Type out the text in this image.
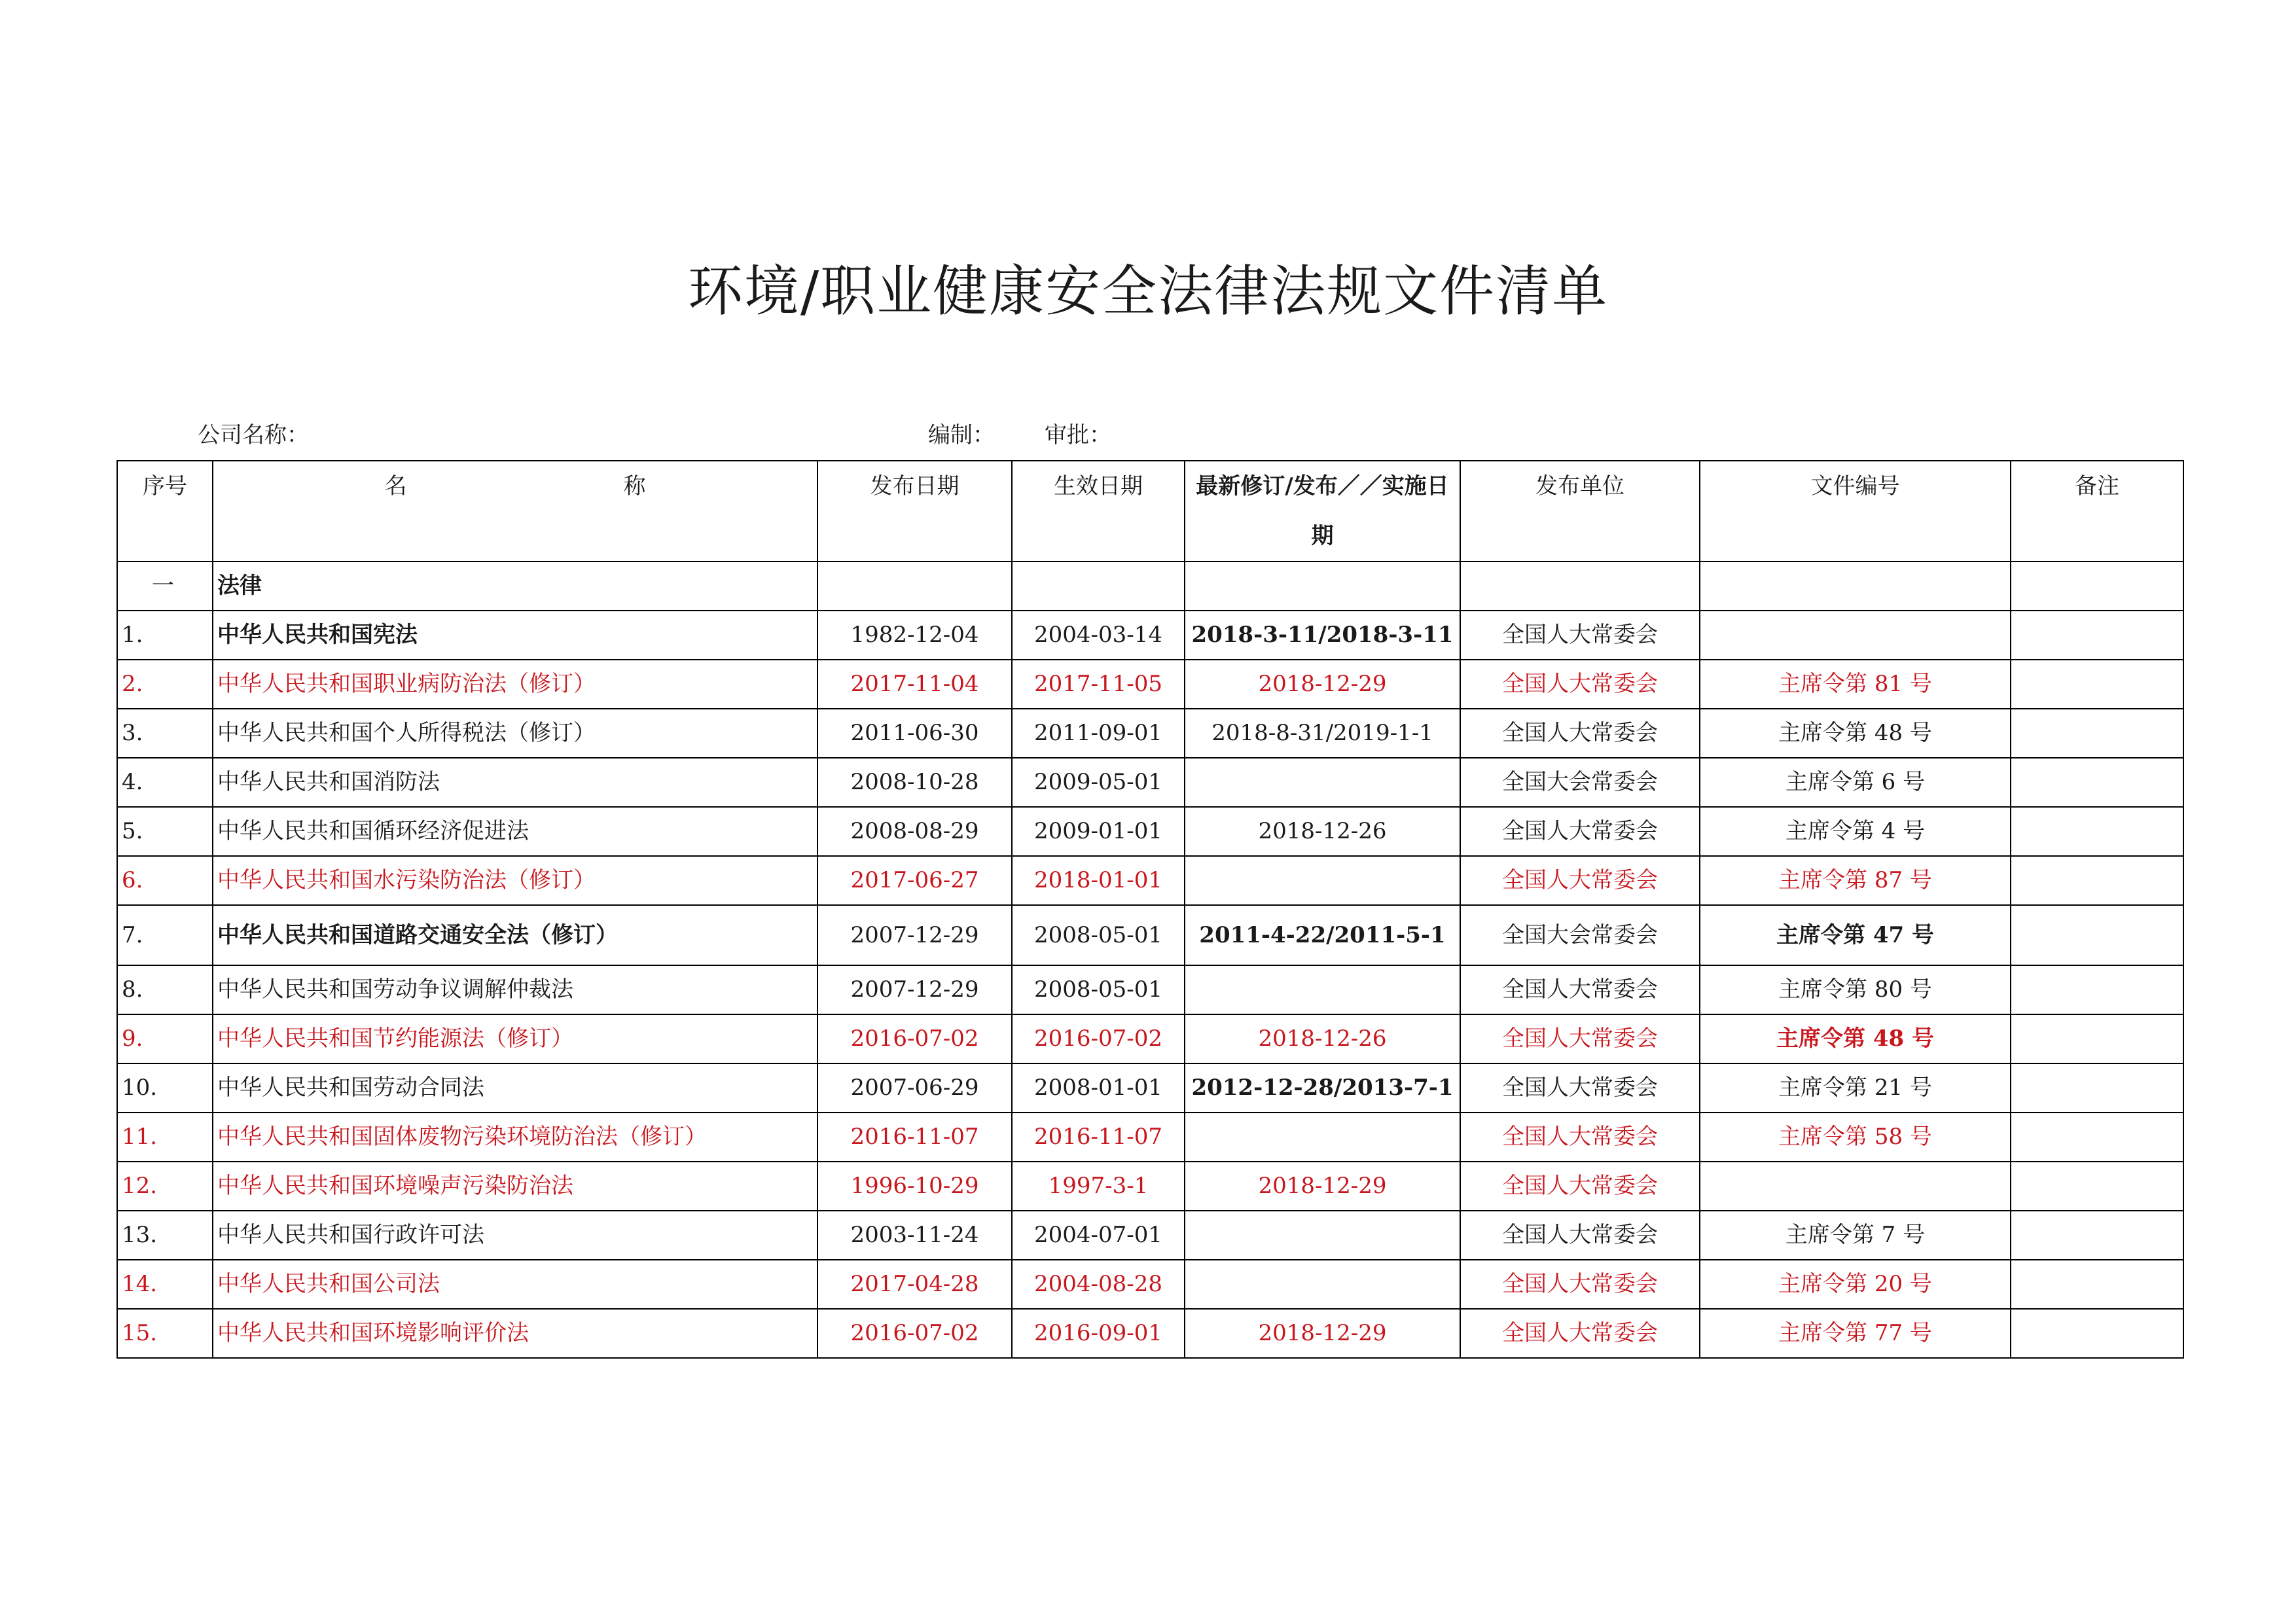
环境/职业健康安全法律法规文件清单
公司名称：	编制： 审批：
序号	名 称	发布日期	生效日期	最新修订/发布／／实施日期	发布单位	文件编号	备注
一	法律						
1.	中华人民共和国宪法	1982-12-04	2004-03-14	2018-3-11/2018-3-11	全国人大常委会		
2.	中华人民共和国职业病防治法（修订）	2017-11-04	2017-11-05	2018-12-29	全国人大常委会	主席令第 81 号	
3.	中华人民共和国个人所得税法（修订）	2011-06-30	2011-09-01	2018-8-31/2019-1-1	全国人大常委会	主席令第 48 号	
4.	中华人民共和国消防法	2008-10-28	2009-05-01		全国大会常委会	主席令第 6 号	
5.	中华人民共和国循环经济促进法	2008-08-29	2009-01-01	2018-12-26	全国人大常委会	主席令第 4 号	
6.	中华人民共和国水污染防治法（修订）	2017-06-27	2018-01-01		全国人大常委会	主席令第 87 号	
7.	中华人民共和国道路交通安全法（修订）	2007-12-29	2008-05-01	2011-4-22/2011-5-1	全国大会常委会	主席令第 47 号	
8.	中华人民共和国劳动争议调解仲裁法	2007-12-29	2008-05-01		全国人大常委会	主席令第 80 号	
9.	中华人民共和国节约能源法（修订）	2016-07-02	2016-07-02	2018-12-26	全国人大常委会	主席令第 48 号	
10.	中华人民共和国劳动合同法	2007-06-29	2008-01-01	2012-12-28/2013-7-1	全国人大常委会	主席令第 21 号	
11.	中华人民共和国固体废物污染环境防治法（修订）	2016-11-07	2016-11-07		全国人大常委会	主席令第 58 号	
12.	中华人民共和国环境噪声污染防治法	1996-10-29	1997-3-1	2018-12-29	全国人大常委会		
13.	中华人民共和国行政许可法	2003-11-24	2004-07-01		全国人大常委会	主席令第 7 号	
14.	中华人民共和国公司法	2017-04-28	2004-08-28		全国人大常委会	主席令第 20 号	
15.	中华人民共和国环境影响评价法	2016-07-02	2016-09-01	2018-12-29	全国人大常委会	主席令第 77 号	
